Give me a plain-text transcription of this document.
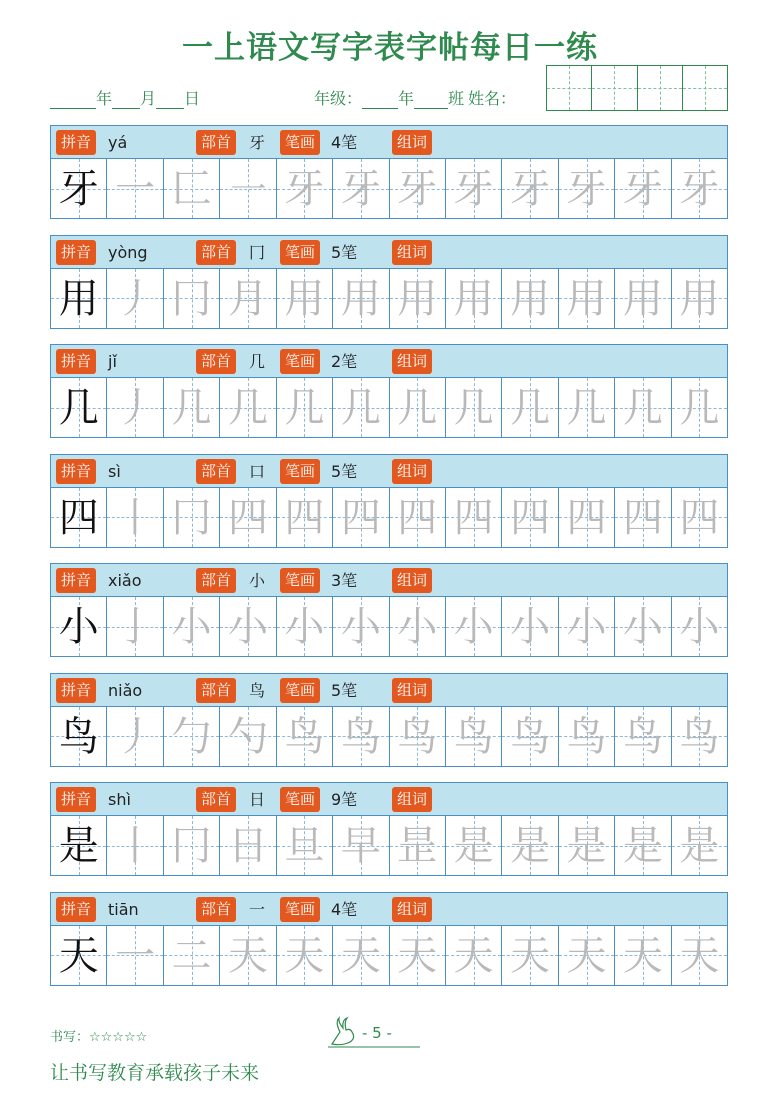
一上语文写字表字帖每日一练
年 月 日	年级： 年 班 姓名：
拼音	yá	部首	牙	笔画 4笔	组词
牙 一 ⼕ ㇐ 牙 牙 牙 牙 牙 牙 牙 牙
拼音	yòng	部首	冂	笔画 5笔	组词
用 丿 冂 月 用 用 用 用 用 用 用 用
拼音	jǐ	部首	几	笔画 2笔	组词
几 丿 几 几 几 几 几 几 几 几 几 几
拼音	sì	部首	口	笔画 5笔	组词
四 丨 冂 四 四 四 四 四 四 四 四 四
拼音	xiǎo	部首	小	笔画 3笔	组词
小 亅 小 小 小 小 小 小 小 小 小 小
拼音	niǎo	部首	鸟	笔画 5笔	组词
鸟 丿 勹 勺 鸟 鸟 鸟 鸟 鸟 鸟 鸟 鸟
拼音	shì	部首	日	笔画 9笔	组词
是 丨 冂 日 旦 早 昰 是 是 是 是 是
拼音	tiān	部首	一	笔画 4笔	组词
天 一 二 天 天 天 天 天 天 天 天 天
书写：☆☆☆☆☆	- 5 -
让书写教育承载孩子未来
